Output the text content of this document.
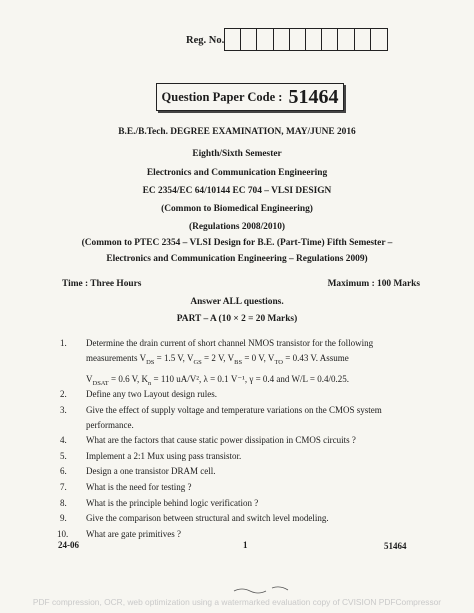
Reg. No.
Question Paper Code : 51464
B.E./B.Tech. DEGREE EXAMINATION, MAY/JUNE 2016
Eighth/Sixth Semester
Electronics and Communication Engineering
EC 2354/EC 64/10144 EC 704 – VLSI DESIGN
(Common to Biomedical Engineering)
(Regulations 2008/2010)
(Common to PTEC 2354 – VLSI Design for B.E. (Part-Time) Fifth Semester –
Electronics and Communication Engineering – Regulations 2009)
Time : Three Hours	Maximum : 100 Marks
Answer ALL questions.
PART – A (10 × 2 = 20 Marks)
1. Determine the drain current of short channel NMOS transistor for the following
measurements $V_{DS} = 1.5$ V, $V_{GS} = 2$ V, $V_{BS} = 0$ V, $V_{TO} = 0.43$ V. Assume
$V_{DSAT} = 0.6$ V, $K_n = 110$ uA/V², λ = 0.1 V⁻¹, γ = 0.4 and W/L = 0.4/0.25.
2. Define any two Layout design rules.
3. Give the effect of supply voltage and temperature variations on the CMOS system
performance.
4. What are the factors that cause static power dissipation in CMOS circuits ?
5. Implement a 2:1 Mux using pass transistor.
6. Design a one transistor DRAM cell.
7. What is the need for testing ?
8. What is the principle behind logic verification ?
9. Give the comparison between structural and switch level modeling.
10. What are gate primitives ?
24-06	1	51464
PDF compression, OCR, web optimization using a watermarked evaluation copy of CVISION PDFCompressor
